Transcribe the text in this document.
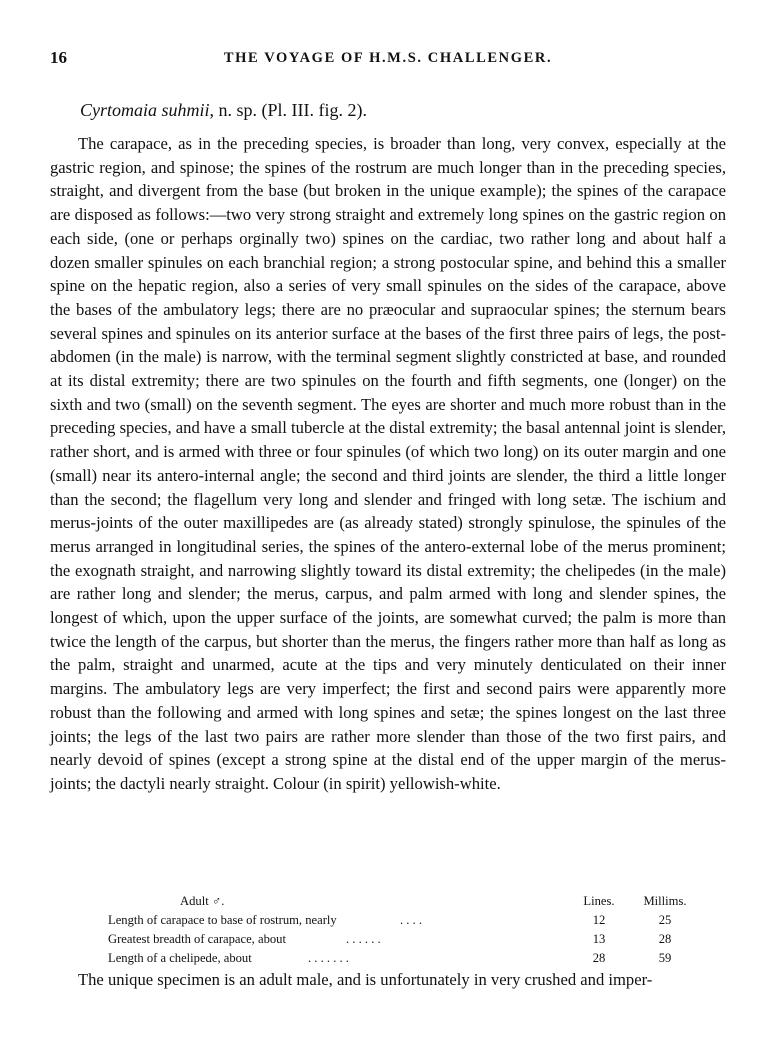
16	THE VOYAGE OF H.M.S. CHALLENGER.
Cyrtomaia suhmii, n. sp. (Pl. III. fig. 2).

The carapace, as in the preceding species, is broader than long, very convex, especially at the gastric region, and spinose; the spines of the rostrum are much longer than in the preceding species, straight, and divergent from the base (but broken in the unique example); the spines of the carapace are disposed as follows:—two very strong straight and extremely long spines on the gastric region on each side, (one or perhaps orginally two) spines on the cardiac, two rather long and about half a dozen smaller spinules on each branchial region; a strong postocular spine, and behind this a smaller spine on the hepatic region, also a series of very small spinules on the sides of the carapace, above the bases of the ambulatory legs; there are no præocular and supraocular spines; the sternum bears several spines and spinules on its anterior surface at the bases of the first three pairs of legs, the post-abdomen (in the male) is narrow, with the terminal segment slightly constricted at base, and rounded at its distal extremity; there are two spinules on the fourth and fifth segments, one (longer) on the sixth and two (small) on the seventh segment. The eyes are shorter and much more robust than in the preceding species, and have a small tubercle at the distal extremity; the basal antennal joint is slender, rather short, and is armed with three or four spinules (of which two long) on its outer margin and one (small) near its antero-internal angle; the second and third joints are slender, the third a little longer than the second; the flagellum very long and slender and fringed with long setæ. The ischium and merus-joints of the outer maxillipedes are (as already stated) strongly spinulose, the spinules of the merus arranged in longitudinal series, the spines of the antero-external lobe of the merus prominent; the exognath straight, and narrowing slightly toward its distal extremity; the chelipedes (in the male) are rather long and slender; the merus, carpus, and palm armed with long and slender spines, the longest of which, upon the upper surface of the joints, are somewhat curved; the palm is more than twice the length of the carpus, but shorter than the merus, the fingers rather more than half as long as the palm, straight and unarmed, acute at the tips and very minutely denticulated on their inner margins. The ambulatory legs are very imperfect; the first and second pairs were apparently more robust than the following and armed with long spines and setæ; the spines longest on the last three joints; the legs of the last two pairs are rather more slender than those of the two first pairs, and nearly devoid of spines (except a strong spine at the distal end of the upper margin of the merus-joints; the dactyli nearly straight. Colour (in spirit) yellowish-white.

Adult ♂.	Lines.	Millims.
Length of carapace to base of rostrum, nearly	. . . .	12	25
Greatest breadth of carapace, about	. . . . . .	13	28
Length of a chelipede, about	. . . . . . .	28	59

The unique specimen is an adult male, and is unfortunately in very crushed and imper-
